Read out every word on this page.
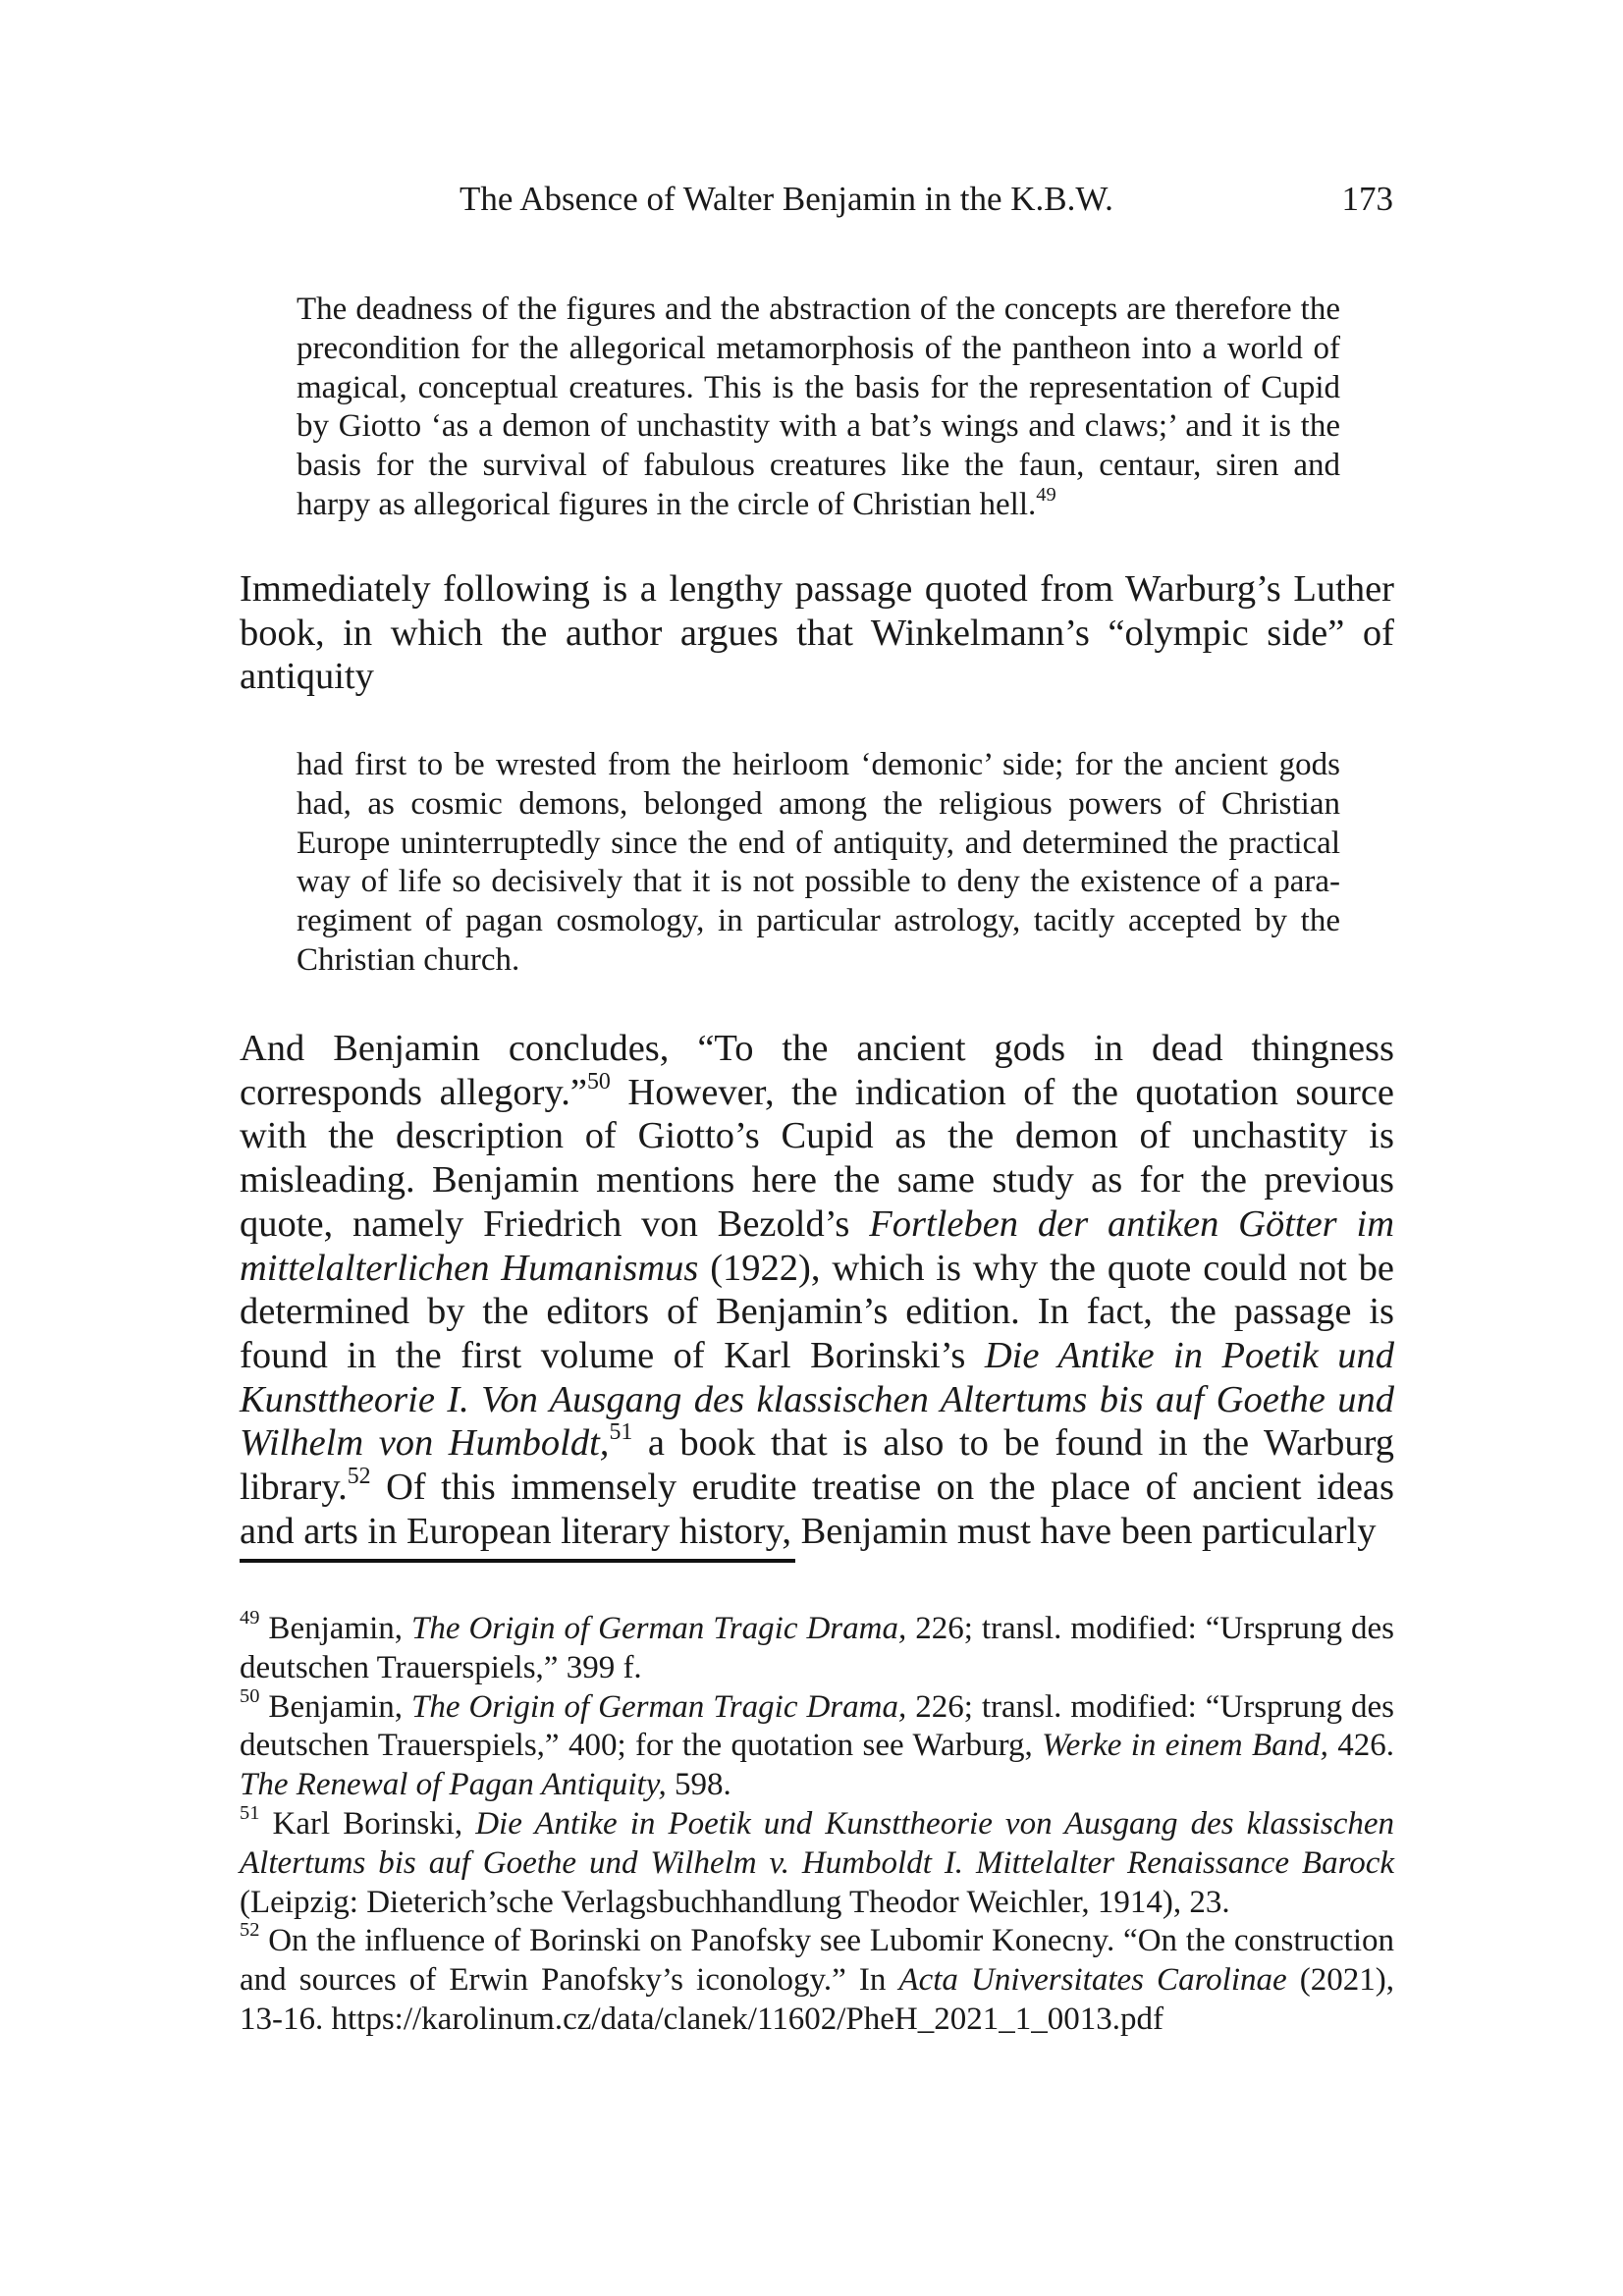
The Absence of Walter Benjamin in the K.B.W.	173
The deadness of the figures and the abstraction of the concepts are therefore the precondition for the allegorical metamorphosis of the pantheon into a world of magical, conceptual creatures. This is the basis for the representation of Cupid by Giotto ‘as a demon of unchastity with a bat’s wings and claws;’ and it is the basis for the survival of fabulous creatures like the faun, centaur, siren and harpy as allegorical figures in the circle of Christian hell.$^{49}$
Immediately following is a lengthy passage quoted from Warburg’s Luther book, in which the author argues that Winkelmann’s “olympic side” of antiquity
had first to be wrested from the heirloom ‘demonic’ side; for the ancient gods had, as cosmic demons, belonged among the religious powers of Christian Europe uninterruptedly since the end of antiquity, and determined the practical way of life so decisively that it is not possible to deny the existence of a para-regiment of pagan cosmology, in particular astrology, tacitly accepted by the Christian church.
And Benjamin concludes, “To the ancient gods in dead thingness corresponds allegory.”$^{50}$ However, the indication of the quotation source with the description of Giotto’s Cupid as the demon of unchastity is misleading. Benjamin mentions here the same study as for the previous quote, namely Friedrich von Bezold’s Fortleben der antiken Götter im mittelalterlichen Humanismus (1922), which is why the quote could not be determined by the editors of Benjamin’s edition. In fact, the passage is found in the first volume of Karl Borinski’s Die Antike in Poetik und Kunsttheorie I. Von Ausgang des klassischen Altertums bis auf Goethe und Wilhelm von Humboldt,$^{51}$ a book that is also to be found in the Warburg library.$^{52}$ Of this immensely erudite treatise on the place of ancient ideas and arts in European literary history, Benjamin must have been particularly
$^{49}$ Benjamin, The Origin of German Tragic Drama, 226; transl. modified: “Ursprung des deutschen Trauerspiels,” 399 f.
$^{50}$ Benjamin, The Origin of German Tragic Drama, 226; transl. modified: “Ursprung des deutschen Trauerspiels,” 400; for the quotation see Warburg, Werke in einem Band, 426. The Renewal of Pagan Antiquity, 598.
$^{51}$ Karl Borinski, Die Antike in Poetik und Kunsttheorie von Ausgang des klassischen Altertums bis auf Goethe und Wilhelm v. Humboldt I. Mittelalter Renaissance Barock (Leipzig: Dieterich’sche Verlagsbuchhandlung Theodor Weichler, 1914), 23.
$^{52}$ On the influence of Borinski on Panofsky see Lubomir Konecny. “On the construction and sources of Erwin Panofsky’s iconology.” In Acta Universitates Carolinae (2021), 13-16. https://karolinum.cz/data/clanek/11602/PheH_2021_1_0013.pdf
